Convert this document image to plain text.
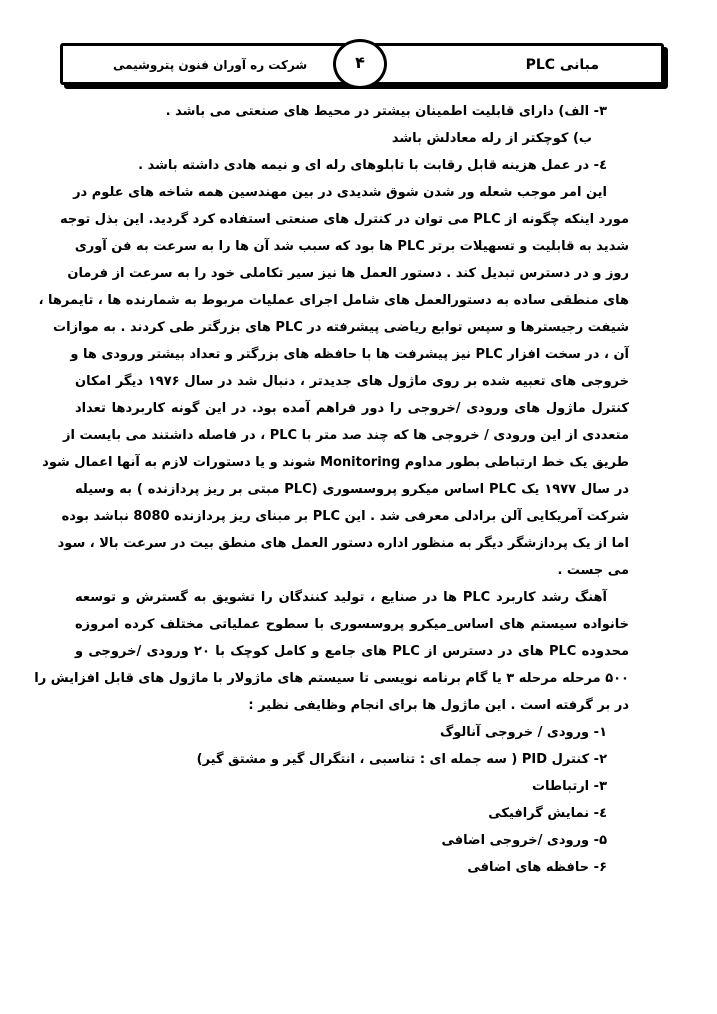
مبانی PLC
شرکت ره آوران فنون پتروشیمی	۴
۳- الف) دارای قابلیت اطمینان بیشتر در محیط های صنعتی می باشد .
ب) کوچکتر از رله معادلش باشد
٤- در عمل هزینه قابل رقابت با تابلوهای رله ای و نیمه هادی داشته باشد .
این امر موجب شعله ور شدن شوق شدیدی در بین مهندسین همه شاخه های علوم در
مورد اینکه چگونه از PLC می توان در کنترل های صنعتی استفاده کرد گردید. این بذل توجه
شدید به قابلیت و تسهیلات برتر PLC ها بود که سبب شد آن ها را به سرعت به فن آوری
روز و در دسترس تبدیل کند . دستور العمل ها نیز سیر تکاملی خود را به سرعت از فرمان
های منطقی ساده به دستورالعمل های شامل اجرای عملیات مربوط به شمارنده ها ، تایمرها ،
شیفت رجیسترها و سپس توابع ریاضی پیشرفته در PLC های بزرگتر طی کردند . به موازات
آن ، در سخت افزار PLC نیز پیشرفت ها با حافظه های بزرگتر و تعداد بیشتر ورودی ها و
خروجی های تعبیه شده بر روی ماژول های جدیدتر ، دنبال شد در سال ۱۹۷۶ دیگر امکان
کنترل ماژول های ورودی /خروجی را دور فراهم آمده بود. در این گونه کاربردها تعداد
متعددی از این ورودی / خروجی ها که چند صد متر با PLC ، در فاصله داشتند می بایست از
طریق یک خط ارتباطی بطور مداوم Monitoring شوند و یا دستورات لازم به آنها اعمال شود
در سال ۱۹۷۷ یک PLC اساس میکرو پروسسوری (PLC مبتی بر ریز پردازنده ) به وسیله
شرکت آمریکایی آلن برادلی معرفی شد . این PLC بر مبنای ریز پردازنده 8080 نباشد بوده
اما از یک پردازشگر دیگر به منظور اداره دستور العمل های منطق بیت در سرعت بالا ، سود
می جست .
آهنگ رشد کاربرد PLC ها در صنایع ، تولید کنندگان را تشویق به گسترش و توسعه
خانواده سیستم های اساس_میکرو پروسسوری با سطوح عملیاتی مختلف کرده امروزه
محدوده PLC های در دسترس از PLC های جامع و کامل کوچک با ۲۰ ورودی /خروجی و
۵۰۰ مرحله مرحله ۳ یا گام برنامه نویسی تا سیستم های ماژولار با ماژول های قابل افزایش را
در بر گرفته است . این ماژول ها برای انجام وظایفی نظیر :
۱- ورودی / خروجی آنالوگ
۲- کنترل PID ( سه جمله ای : تناسبی ، انتگرال گیر و مشتق گیر)
۳- ارتباطات
٤- نمایش گرافیکی
۵- ورودی /خروجی اضافی
۶- حافظه های اضافی
